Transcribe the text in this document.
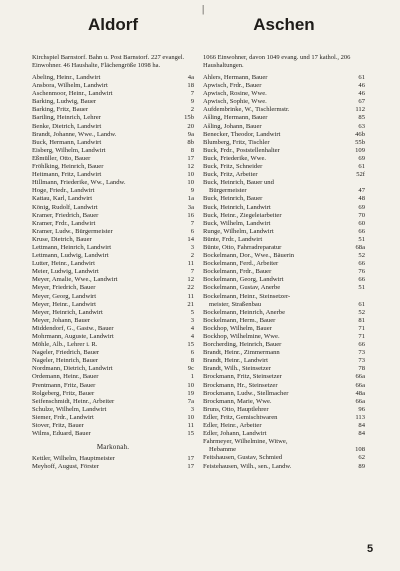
|
Aldorf
Kirchspiel Barnstorf. Bahn u. Post Barnstorf. 227 evangel. Einwohner. 46 Haushalte, Flächengröße 1098 ha.
Abeling, Heinr., Landwirt	4a
Ansbora, Wilhelm, Landwirt	18
Aschenmoor, Heinr., Landwirt	7
Barking, Ludwig, Bauer	9
Barking, Fritz, Bauer	2
Bartling, Heinrich, Lehrer	15b
Benke, Dietrich, Landwirt	20
Brandt, Johanne, Wwe., Landw.	9a
Buck, Hermann, Landwirt	8b
Eisberg, Wilhelm, Landwirt	8
Eßmüller, Otto, Bauer	17
Fröhlking, Heinrich, Bauer	12
Heitmann, Fritz, Landwirt	10
Hillmann, Friederike, Ww., Landw.	10
Hoge, Friedr., Landwirt	9
Kattau, Karl, Landwirt	1a
König, Rudolf, Landwirt	3a
Kramer, Friedrich, Bauer	16
Kramer, Frdr., Landwirt	7
Kramer, Ludw., Bürgermeister	6
Kruse, Dietrich, Bauer	14
Lettmann, Heinrich, Landwirt	3
Lettmann, Ludwig, Landwirt	2
Lutter, Heinr., Landwirt	11
Meier, Ludwig, Landwirt	7
Meyer, Amalie, Wwe., Landwirt	12
Meyer, Friedrich, Bauer	22
Meyer, Georg, Landwirt	11
Meyer, Heinr., Landwirt	21
Meyer, Heinrich, Landwirt	5
Meyer, Johann, Bauer	3
Middendorf, G., Gastw., Bauer	4
Mohrmann, Auguste, Landwirt	4
Möhle, Alb., Lehrer i. R.	15
Nageler, Friedrich, Bauer	6
Nageler, Heinrich, Bauer	8
Nordmann, Dietrich, Landwirt	9c
Ordemann, Heinr., Bauer	1
Prentmann, Fritz, Bauer	10
Rolgeberg, Fritz, Bauer	19
Seifenschmidt, Heinr., Arbeiter	7a
Schulze, Wilhelm, Landwirt	3
Siemer, Frdr., Landwirt	10
Stover, Fritz, Bauer	11
Wilms, Eduard, Bauer	15
Markonah.
Kettler, Wilhelm, Hauptmeister	17
Meyhoff, August, Förster	17
Aschen
1066 Einwohner, davon 1049 evang. und 17 kathol., 206 Haushaltungen.
Ahlers, Hermann, Bauer	61
Apwisch, Frdr., Bauer	46
Apwisch, Rosine, Wwe.	46
Apwisch, Sophie, Wwe.	67
Aufdembrinke, W., Tischlermstr.	112
Ašling, Hermann, Bauer	85
Ašling, Johann, Bauer	63
Benecker, Theodor, Landwirt	46b
Blumberg, Fritz, Tischler	55b
Buck, Frdr., Poststellenhalter	109
Buck, Friederike, Wwe.	69
Buck, Fritz, Schneider	61
Buck, Fritz, Arbeiter	52f
Buck, Heinrich, Bauer und
Bürgermeister	47
Buck, Heinrich, Bauer	48
Buck, Heinrich, Landwirt	69
Buck, Heinr., Ziegeleiarbeiter	70
Buck, Wilhelm, Landwirt	60
Runge, Wilhelm, Landwirt	66
Bünte, Frdr., Landwirt	51
Bünte, Otto, Fahrradreparatur	68a
Bockelmann, Dor., Wwe., Bäuerin	52
Bockelmann, Ferd., Arbeiter	66
Bockelmann, Frdr., Bauer	76
Bockelmann, Georg, Landwirt	66
Bockelmann, Gustav, Anerbe	51
Bockelmann, Heinr., Steinsetzer-
meister, Straßenbau	61
Bockelmann, Heinrich, Anerbe	52
Bockelmann, Herm., Bauer	81
Bockhop, Wilhelm, Bauer	71
Bockhop, Wilhelmine, Wwe.	71
Borcherding, Heinrich, Bauer	66
Brandt, Heinr., Zimmermann	73
Brandt, Heinr., Landwirt	73
Brandt, Wilh., Steinsetzer	78
Brockmann, Fritz, Steinsetzer	66a
Brockmann, Hr., Steinsetzer	66a
Brockmann, Ludw., Stellmacher	48a
Brockmann, Marie, Wwe.	66a
Bruns, Otto, Hauptlehrer	96
Edler, Fritz, Gemischtwaren	113
Edler, Heinr., Arbeiter	84
Edler, Johann, Landwirt	84
Fahrmeyer, Wilhelmine, Witwe,
Hebamme	108
Feitshausen, Gustav, Schmied	62
Feistehausen, Wilh., sen., Landw.	89
5
